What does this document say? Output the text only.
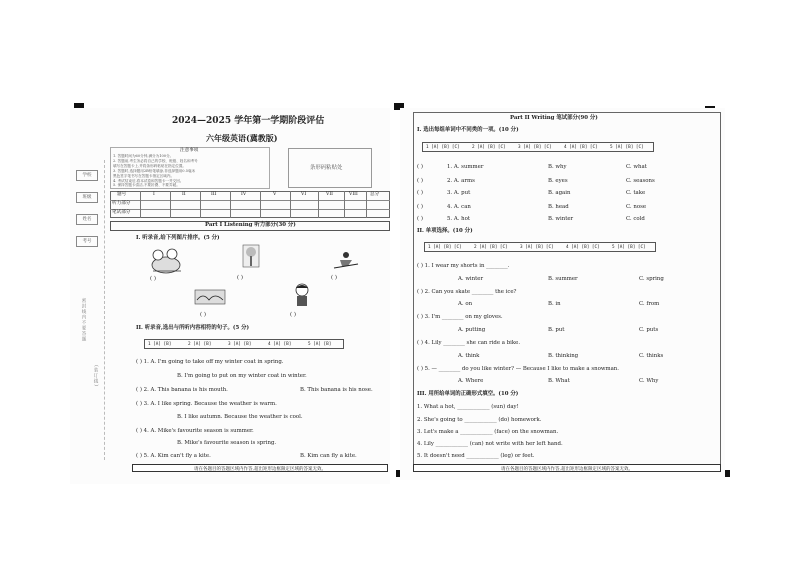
学校
班级
姓名
考号
密封线内不要答题
(装订线)
2024—2025 学年第一学期阶段评估
六年级英语(冀教版)
注意事项
1. 答题时间为60分钟,满分为100分。
2. 答题前,考生务必将自己的学校、班级、姓名和考号
填写在答题卡上,并将条形码粘贴在指定位置。
3. 答题时,选择题用2B铅笔填涂,非选择题用0.5毫米
黑色签字笔书写在答题卡指定区域内。
4. 考试结束后,将本试卷和答题卡一并交回。
5. 保持答题卡清洁,不要折叠、不要弄破。
条形码粘贴处
题号	I	II	III	IV	V	VI	VII	VIII	总分
听力部分
笔试部分
Part I Listening 听力部分(30 分)
I. 听录音,给下列图片排序。(5 分)
( )	( )	( )
( )	( )
II. 听录音,选出与所听内容相符的句子。(5 分)
1 [A] [B]	2 [A] [B]	3 [A] [B]	4 [A] [B]	5 [A] [B]
( ) 1. A. I'm going to take off my winter coat in spring.
B. I'm going to put on my winter coat in winter.
( ) 2. A. This banana is his mouth.	B. This banana is his nose.
( ) 3. A. I like spring. Because the weather is warm.
B. I like autumn. Because the weather is cool.
( ) 4. A. Mike's favourite season is summer.
B. Mike's favourite season is spring.
( ) 5. A. Kim can't fly a kite.	B. Kim can fly a kite.
请在各题目的答题区域内作答,超出矩形边框限定区域的答案无效。
Part II Writing 笔试部分(90 分)
I. 选出每组单词中不同类的一项。(10 分)
1 [A] [B] [C]	2 [A] [B] [C]	3 [A] [B] [C]	4 [A] [B] [C]	5 [A] [B] [C]
( )	1. A. summer	B. why	C. what
( )	2. A. arms	B. eyes	C. seasons
( )	3. A. put	B. again	C. take
( )	4. A. can	B. head	C. nose
( )	5. A. hot	B. winter	C. cold
II. 单项选择。(10 分)
1 [A] [B] [C]	2 [A] [B] [C]	3 [A] [B] [C]	4 [A] [B] [C]	5 [A] [B] [C]
( ) 1. I wear my shorts in ________.
A. winter	B. summer	C. spring
( ) 2. Can you skate ________ the ice?
A. on	B. in	C. from
( ) 3. I'm ________ on my gloves.
A. putting	B. put	C. puts
( ) 4. Lily ________ she can ride a bike.
A. think	B. thinking	C. thinks
( ) 5. — ________ do you like winter? — Because I like to make a snowman.
A. Where	B. What	C. Why
III. 用所给单词的正确形式填空。(10 分)
1. What a hot, ____________ (sun) day!
2. She's going to ____________ (do) homework.
3. Let's make a ____________ (face) on the snowman.
4. Lily ____________ (can) not write with her left hand.
5. It doesn't need ____________ (leg) or feet.
请在各题目的答题区域内作答,超出矩形边框限定区域的答案无效。
